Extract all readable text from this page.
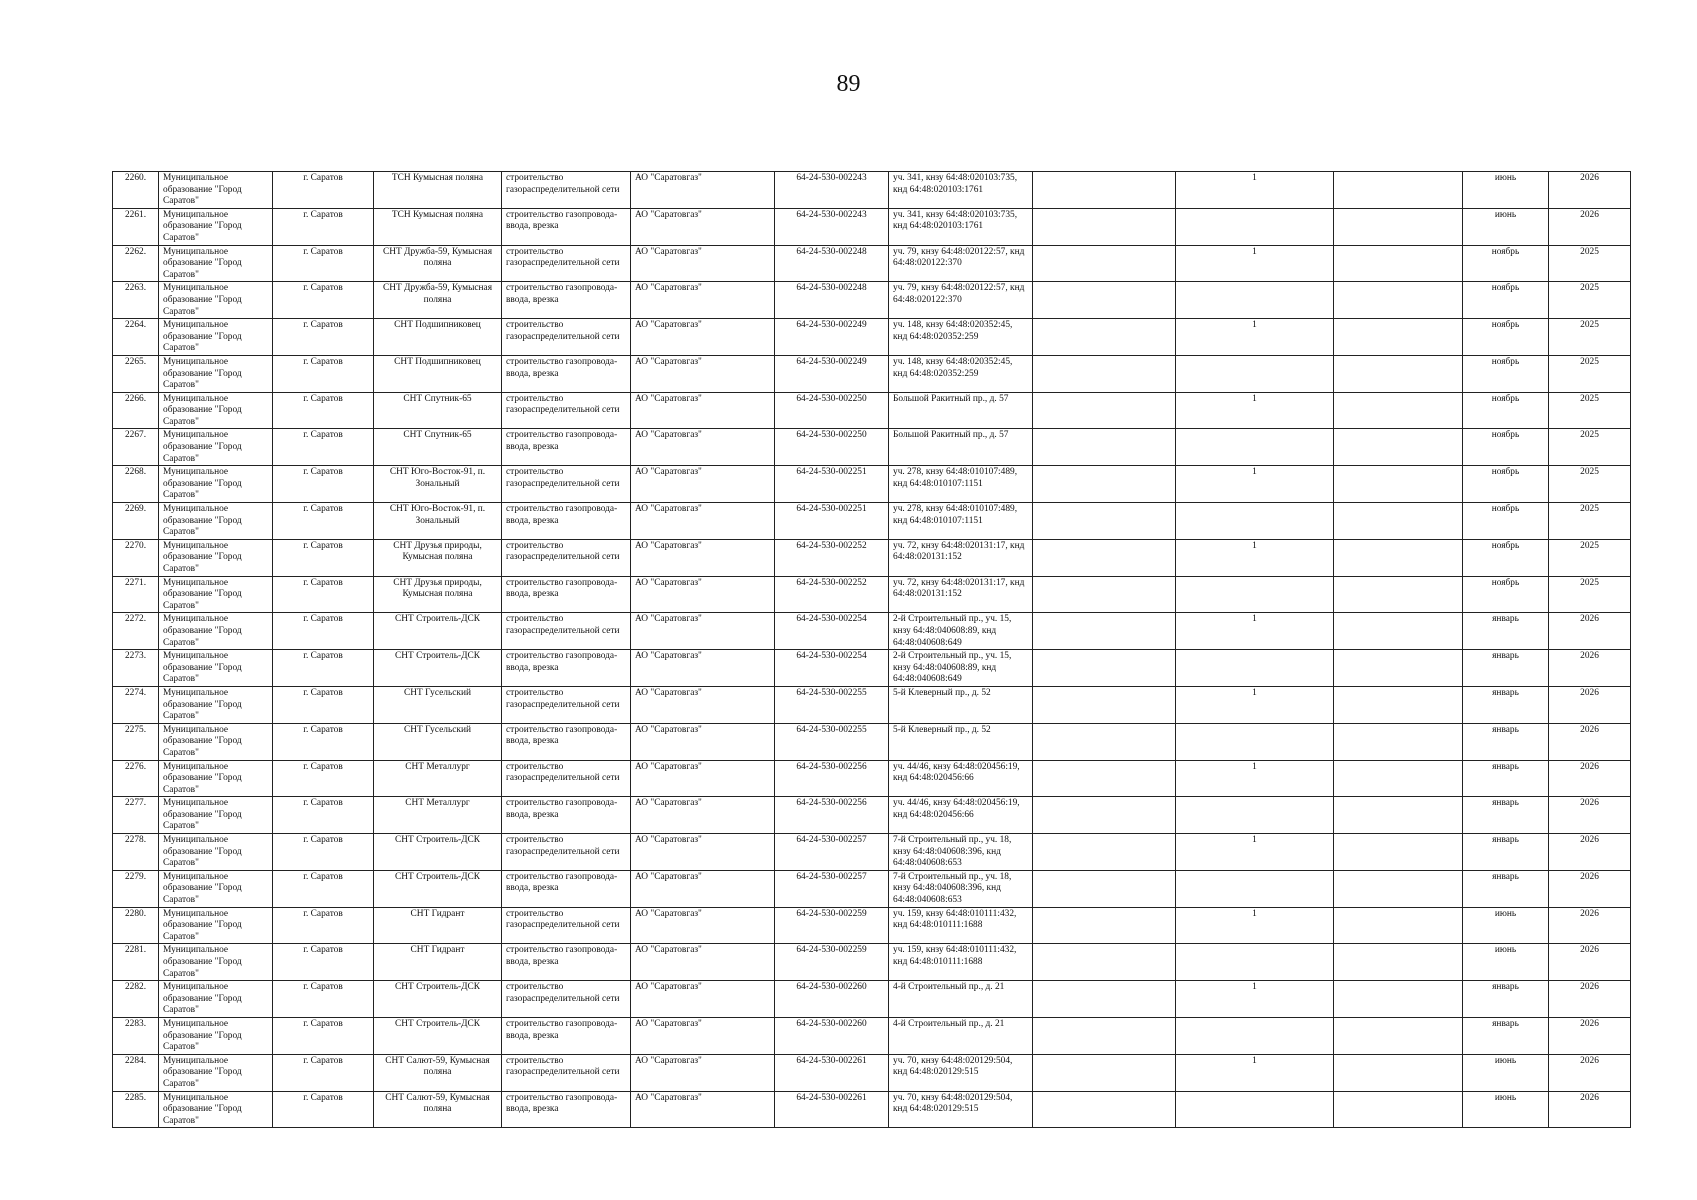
89
2260.	Муниципальное образование "Город Саратов"	г. Саратов	ТСН Кумысная поляна	строительство газораспределительной сети	АО "Саратовгаз"	64-24-530-002243	уч. 341, кнзу 64:48:020103:735, кнд 64:48:020103:1761		1		июнь	2026
2261.	Муниципальное образование "Город Саратов"	г. Саратов	ТСН Кумысная поляна	строительство газопровода-ввода, врезка	АО "Саратовгаз"	64-24-530-002243	уч. 341, кнзу 64:48:020103:735, кнд 64:48:020103:1761				июнь	2026
2262.	Муниципальное образование "Город Саратов"	г. Саратов	СНТ Дружба-59, Кумысная поляна	строительство газораспределительной сети	АО "Саратовгаз"	64-24-530-002248	уч. 79, кнзу 64:48:020122:57, кнд 64:48:020122:370		1		ноябрь	2025
2263.	Муниципальное образование "Город Саратов"	г. Саратов	СНТ Дружба-59, Кумысная поляна	строительство газопровода-ввода, врезка	АО "Саратовгаз"	64-24-530-002248	уч. 79, кнзу 64:48:020122:57, кнд 64:48:020122:370				ноябрь	2025
2264.	Муниципальное образование "Город Саратов"	г. Саратов	СНТ Подшипниковец	строительство газораспределительной сети	АО "Саратовгаз"	64-24-530-002249	уч. 148, кнзу 64:48:020352:45, кнд 64:48:020352:259		1		ноябрь	2025
2265.	Муниципальное образование "Город Саратов"	г. Саратов	СНТ Подшипниковец	строительство газопровода-ввода, врезка	АО "Саратовгаз"	64-24-530-002249	уч. 148, кнзу 64:48:020352:45, кнд 64:48:020352:259				ноябрь	2025
2266.	Муниципальное образование "Город Саратов"	г. Саратов	СНТ Спутник-65	строительство газораспределительной сети	АО "Саратовгаз"	64-24-530-002250	Большой Ракитный пр., д. 57		1		ноябрь	2025
2267.	Муниципальное образование "Город Саратов"	г. Саратов	СНТ Спутник-65	строительство газопровода-ввода, врезка	АО "Саратовгаз"	64-24-530-002250	Большой Ракитный пр., д. 57				ноябрь	2025
2268.	Муниципальное образование "Город Саратов"	г. Саратов	СНТ Юго-Восток-91, п. Зональный	строительство газораспределительной сети	АО "Саратовгаз"	64-24-530-002251	уч. 278, кнзу 64:48:010107:489, кнд 64:48:010107:1151		1		ноябрь	2025
2269.	Муниципальное образование "Город Саратов"	г. Саратов	СНТ Юго-Восток-91, п. Зональный	строительство газопровода-ввода, врезка	АО "Саратовгаз"	64-24-530-002251	уч. 278, кнзу 64:48:010107:489, кнд 64:48:010107:1151				ноябрь	2025
2270.	Муниципальное образование "Город Саратов"	г. Саратов	СНТ Друзья природы, Кумысная поляна	строительство газораспределительной сети	АО "Саратовгаз"	64-24-530-002252	уч. 72, кнзу 64:48:020131:17, кнд 64:48:020131:152		1		ноябрь	2025
2271.	Муниципальное образование "Город Саратов"	г. Саратов	СНТ Друзья природы, Кумысная поляна	строительство газопровода-ввода, врезка	АО "Саратовгаз"	64-24-530-002252	уч. 72, кнзу 64:48:020131:17, кнд 64:48:020131:152				ноябрь	2025
2272.	Муниципальное образование "Город Саратов"	г. Саратов	СНТ Строитель-ДСК	строительство газораспределительной сети	АО "Саратовгаз"	64-24-530-002254	2-й Строительный пр., уч. 15, кнзу 64:48:040608:89, кнд 64:48:040608:649		1		январь	2026
2273.	Муниципальное образование "Город Саратов"	г. Саратов	СНТ Строитель-ДСК	строительство газопровода-ввода, врезка	АО "Саратовгаз"	64-24-530-002254	2-й Строительный пр., уч. 15, кнзу 64:48:040608:89, кнд 64:48:040608:649				январь	2026
2274.	Муниципальное образование "Город Саратов"	г. Саратов	СНТ Гусельский	строительство газораспределительной сети	АО "Саратовгаз"	64-24-530-002255	5-й Клеверный пр., д. 52		1		январь	2026
2275.	Муниципальное образование "Город Саратов"	г. Саратов	СНТ Гусельский	строительство газопровода-ввода, врезка	АО "Саратовгаз"	64-24-530-002255	5-й Клеверный пр., д. 52				январь	2026
2276.	Муниципальное образование "Город Саратов"	г. Саратов	СНТ Металлург	строительство газораспределительной сети	АО "Саратовгаз"	64-24-530-002256	уч. 44/46, кнзу 64:48:020456:19, кнд 64:48:020456:66		1		январь	2026
2277.	Муниципальное образование "Город Саратов"	г. Саратов	СНТ Металлург	строительство газопровода-ввода, врезка	АО "Саратовгаз"	64-24-530-002256	уч. 44/46, кнзу 64:48:020456:19, кнд 64:48:020456:66				январь	2026
2278.	Муниципальное образование "Город Саратов"	г. Саратов	СНТ Строитель-ДСК	строительство газораспределительной сети	АО "Саратовгаз"	64-24-530-002257	7-й Строительный пр., уч. 18, кнзу 64:48:040608:396, кнд 64:48:040608:653		1		январь	2026
2279.	Муниципальное образование "Город Саратов"	г. Саратов	СНТ Строитель-ДСК	строительство газопровода-ввода, врезка	АО "Саратовгаз"	64-24-530-002257	7-й Строительный пр., уч. 18, кнзу 64:48:040608:396, кнд 64:48:040608:653				январь	2026
2280.	Муниципальное образование "Город Саратов"	г. Саратов	СНТ Гидрант	строительство газораспределительной сети	АО "Саратовгаз"	64-24-530-002259	уч. 159, кнзу 64:48:010111:432, кнд 64:48:010111:1688		1		июнь	2026
2281.	Муниципальное образование "Город Саратов"	г. Саратов	СНТ Гидрант	строительство газопровода-ввода, врезка	АО "Саратовгаз"	64-24-530-002259	уч. 159, кнзу 64:48:010111:432, кнд 64:48:010111:1688				июнь	2026
2282.	Муниципальное образование "Город Саратов"	г. Саратов	СНТ Строитель-ДСК	строительство газораспределительной сети	АО "Саратовгаз"	64-24-530-002260	4-й Строительный пр., д. 21		1		январь	2026
2283.	Муниципальное образование "Город Саратов"	г. Саратов	СНТ Строитель-ДСК	строительство газопровода-ввода, врезка	АО "Саратовгаз"	64-24-530-002260	4-й Строительный пр., д. 21				январь	2026
2284.	Муниципальное образование "Город Саратов"	г. Саратов	СНТ Салют-59, Кумысная поляна	строительство газораспределительной сети	АО "Саратовгаз"	64-24-530-002261	уч. 70, кнзу 64:48:020129:504, кнд 64:48:020129:515		1		июнь	2026
2285.	Муниципальное образование "Город Саратов"	г. Саратов	СНТ Салют-59, Кумысная поляна	строительство газопровода-ввода, врезка	АО "Саратовгаз"	64-24-530-002261	уч. 70, кнзу 64:48:020129:504, кнд 64:48:020129:515				июнь	2026
